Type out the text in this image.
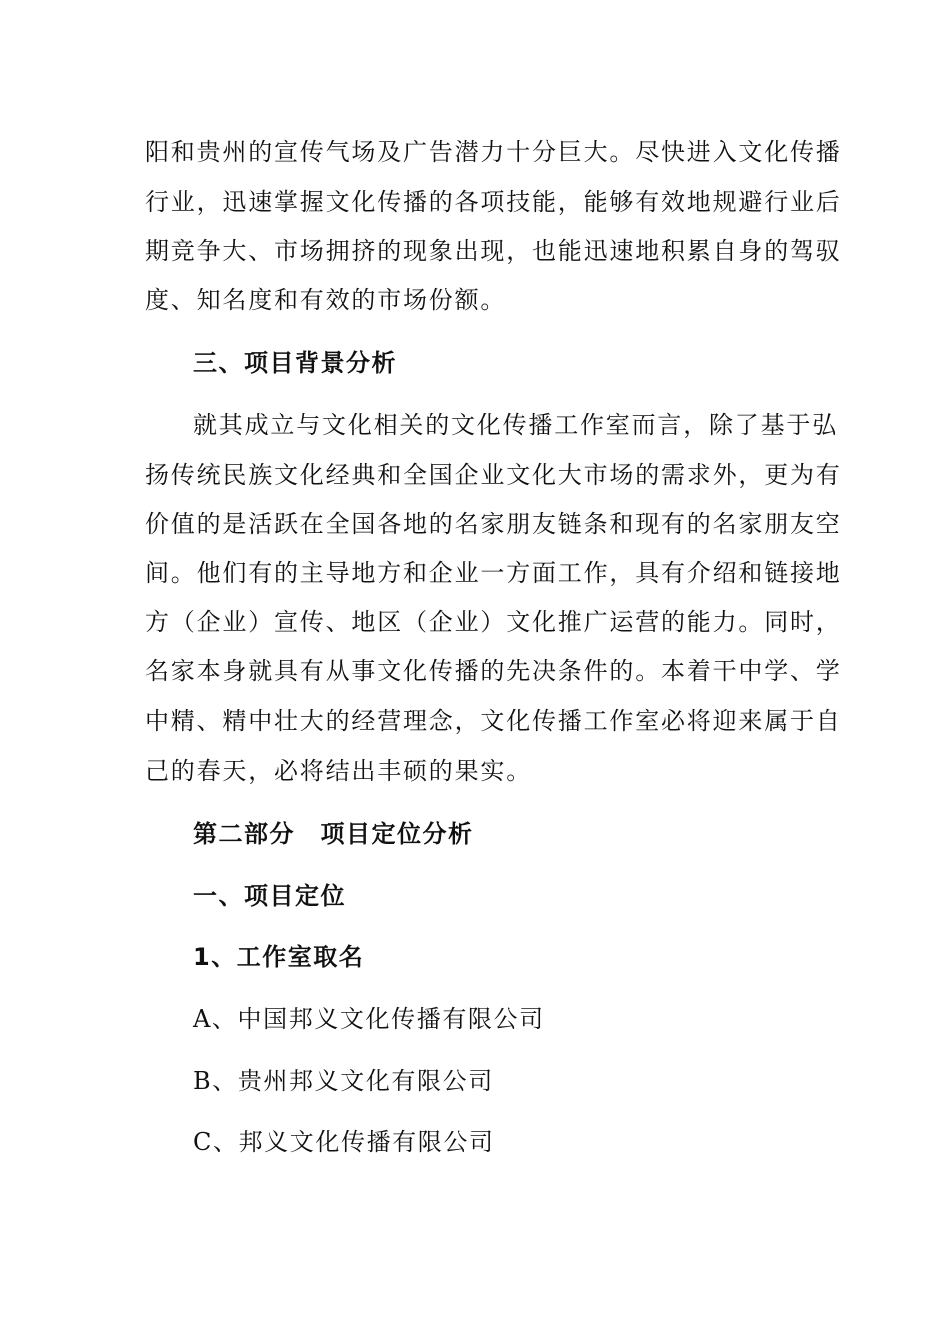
阳和贵州的宣传气场及广告潜力十分巨大。尽快进入文化传播
行业，迅速掌握文化传播的各项技能，能够有效地规避行业后
期竞争大、市场拥挤的现象出现，也能迅速地积累自身的驾驭
度、知名度和有效的市场份额。
三、项目背景分析
就其成立与文化相关的文化传播工作室而言，除了基于弘
扬传统民族文化经典和全国企业文化大市场的需求外，更为有
价值的是活跃在全国各地的名家朋友链条和现有的名家朋友空
间。他们有的主导地方和企业一方面工作，具有介绍和链接地
方（企业）宣传、地区（企业）文化推广运营的能力。同时，
名家本身就具有从事文化传播的先决条件的。本着干中学、学
中精、精中壮大的经营理念，文化传播工作室必将迎来属于自
己的春天，必将结出丰硕的果实。
第二部分　项目定位分析
一、项目定位
1、工作室取名
A、中国邦义文化传播有限公司
B、贵州邦义文化有限公司
C、邦义文化传播有限公司
